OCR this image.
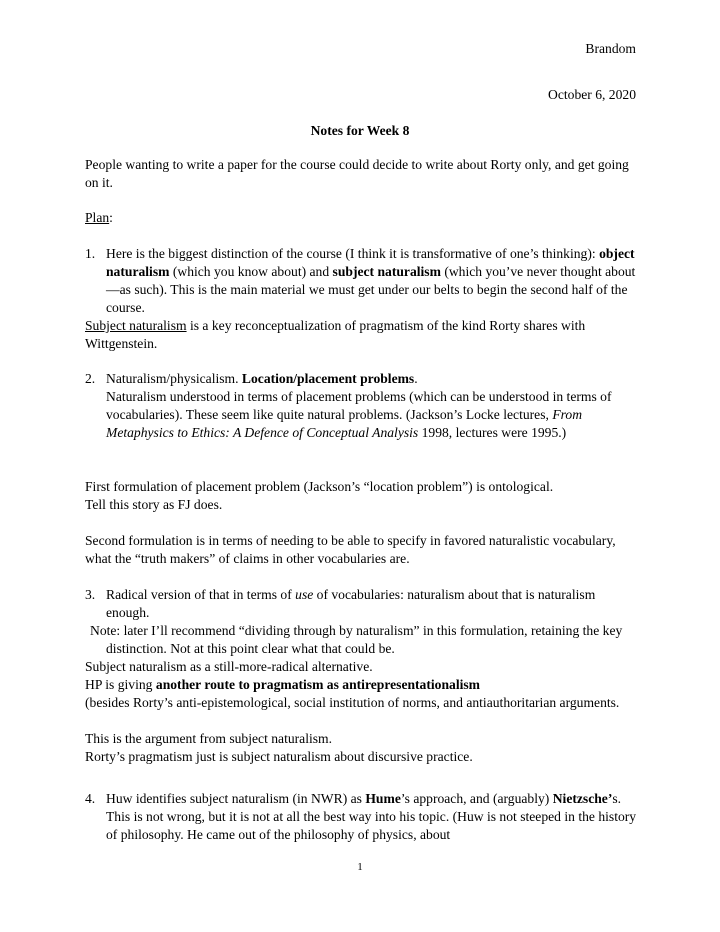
Brandom

October 6, 2020

Notes for Week 8

People wanting to write a paper for the course could decide to write about Rorty only, and get going on it.

Plan:

1. Here is the biggest distinction of the course (I think it is transformative of one’s thinking): object naturalism (which you know about) and subject naturalism (which you’ve never thought about—as such). This is the main material we must get under our belts to begin the second half of the course.

Subject naturalism is a key reconceptualization of pragmatism of the kind Rorty shares with Wittgenstein.

2. Naturalism/physicalism. Location/placement problems.
Naturalism understood in terms of placement problems (which can be understood in terms of vocabularies). These seem like quite natural problems. (Jackson’s Locke lectures, From Metaphysics to Ethics: A Defence of Conceptual Analysis 1998, lectures were 1995.)

First formulation of placement problem (Jackson’s “location problem”) is ontological.

Tell this story as FJ does.

Second formulation is in terms of needing to be able to specify in favored naturalistic vocabulary, what the “truth makers” of claims in other vocabularies are.

3. Radical version of that in terms of use of vocabularies: naturalism about that is naturalism enough.

Note: later I’ll recommend “dividing through by naturalism” in this formulation, retaining the key distinction. Not at this point clear what that could be.

Subject naturalism as a still-more-radical alternative.

HP is giving another route to pragmatism as antirepresentationalism

(besides Rorty’s anti-epistemological, social institution of norms, and antiauthoritarian arguments.

This is the argument from subject naturalism.

Rorty’s pragmatism just is subject naturalism about discursive practice.

4. Huw identifies subject naturalism (in NWR) as Hume’s approach, and (arguably) Nietzsche’s. This is not wrong, but it is not at all the best way into his topic. (Huw is not steeped in the history of philosophy. He came out of the philosophy of physics, about

1
